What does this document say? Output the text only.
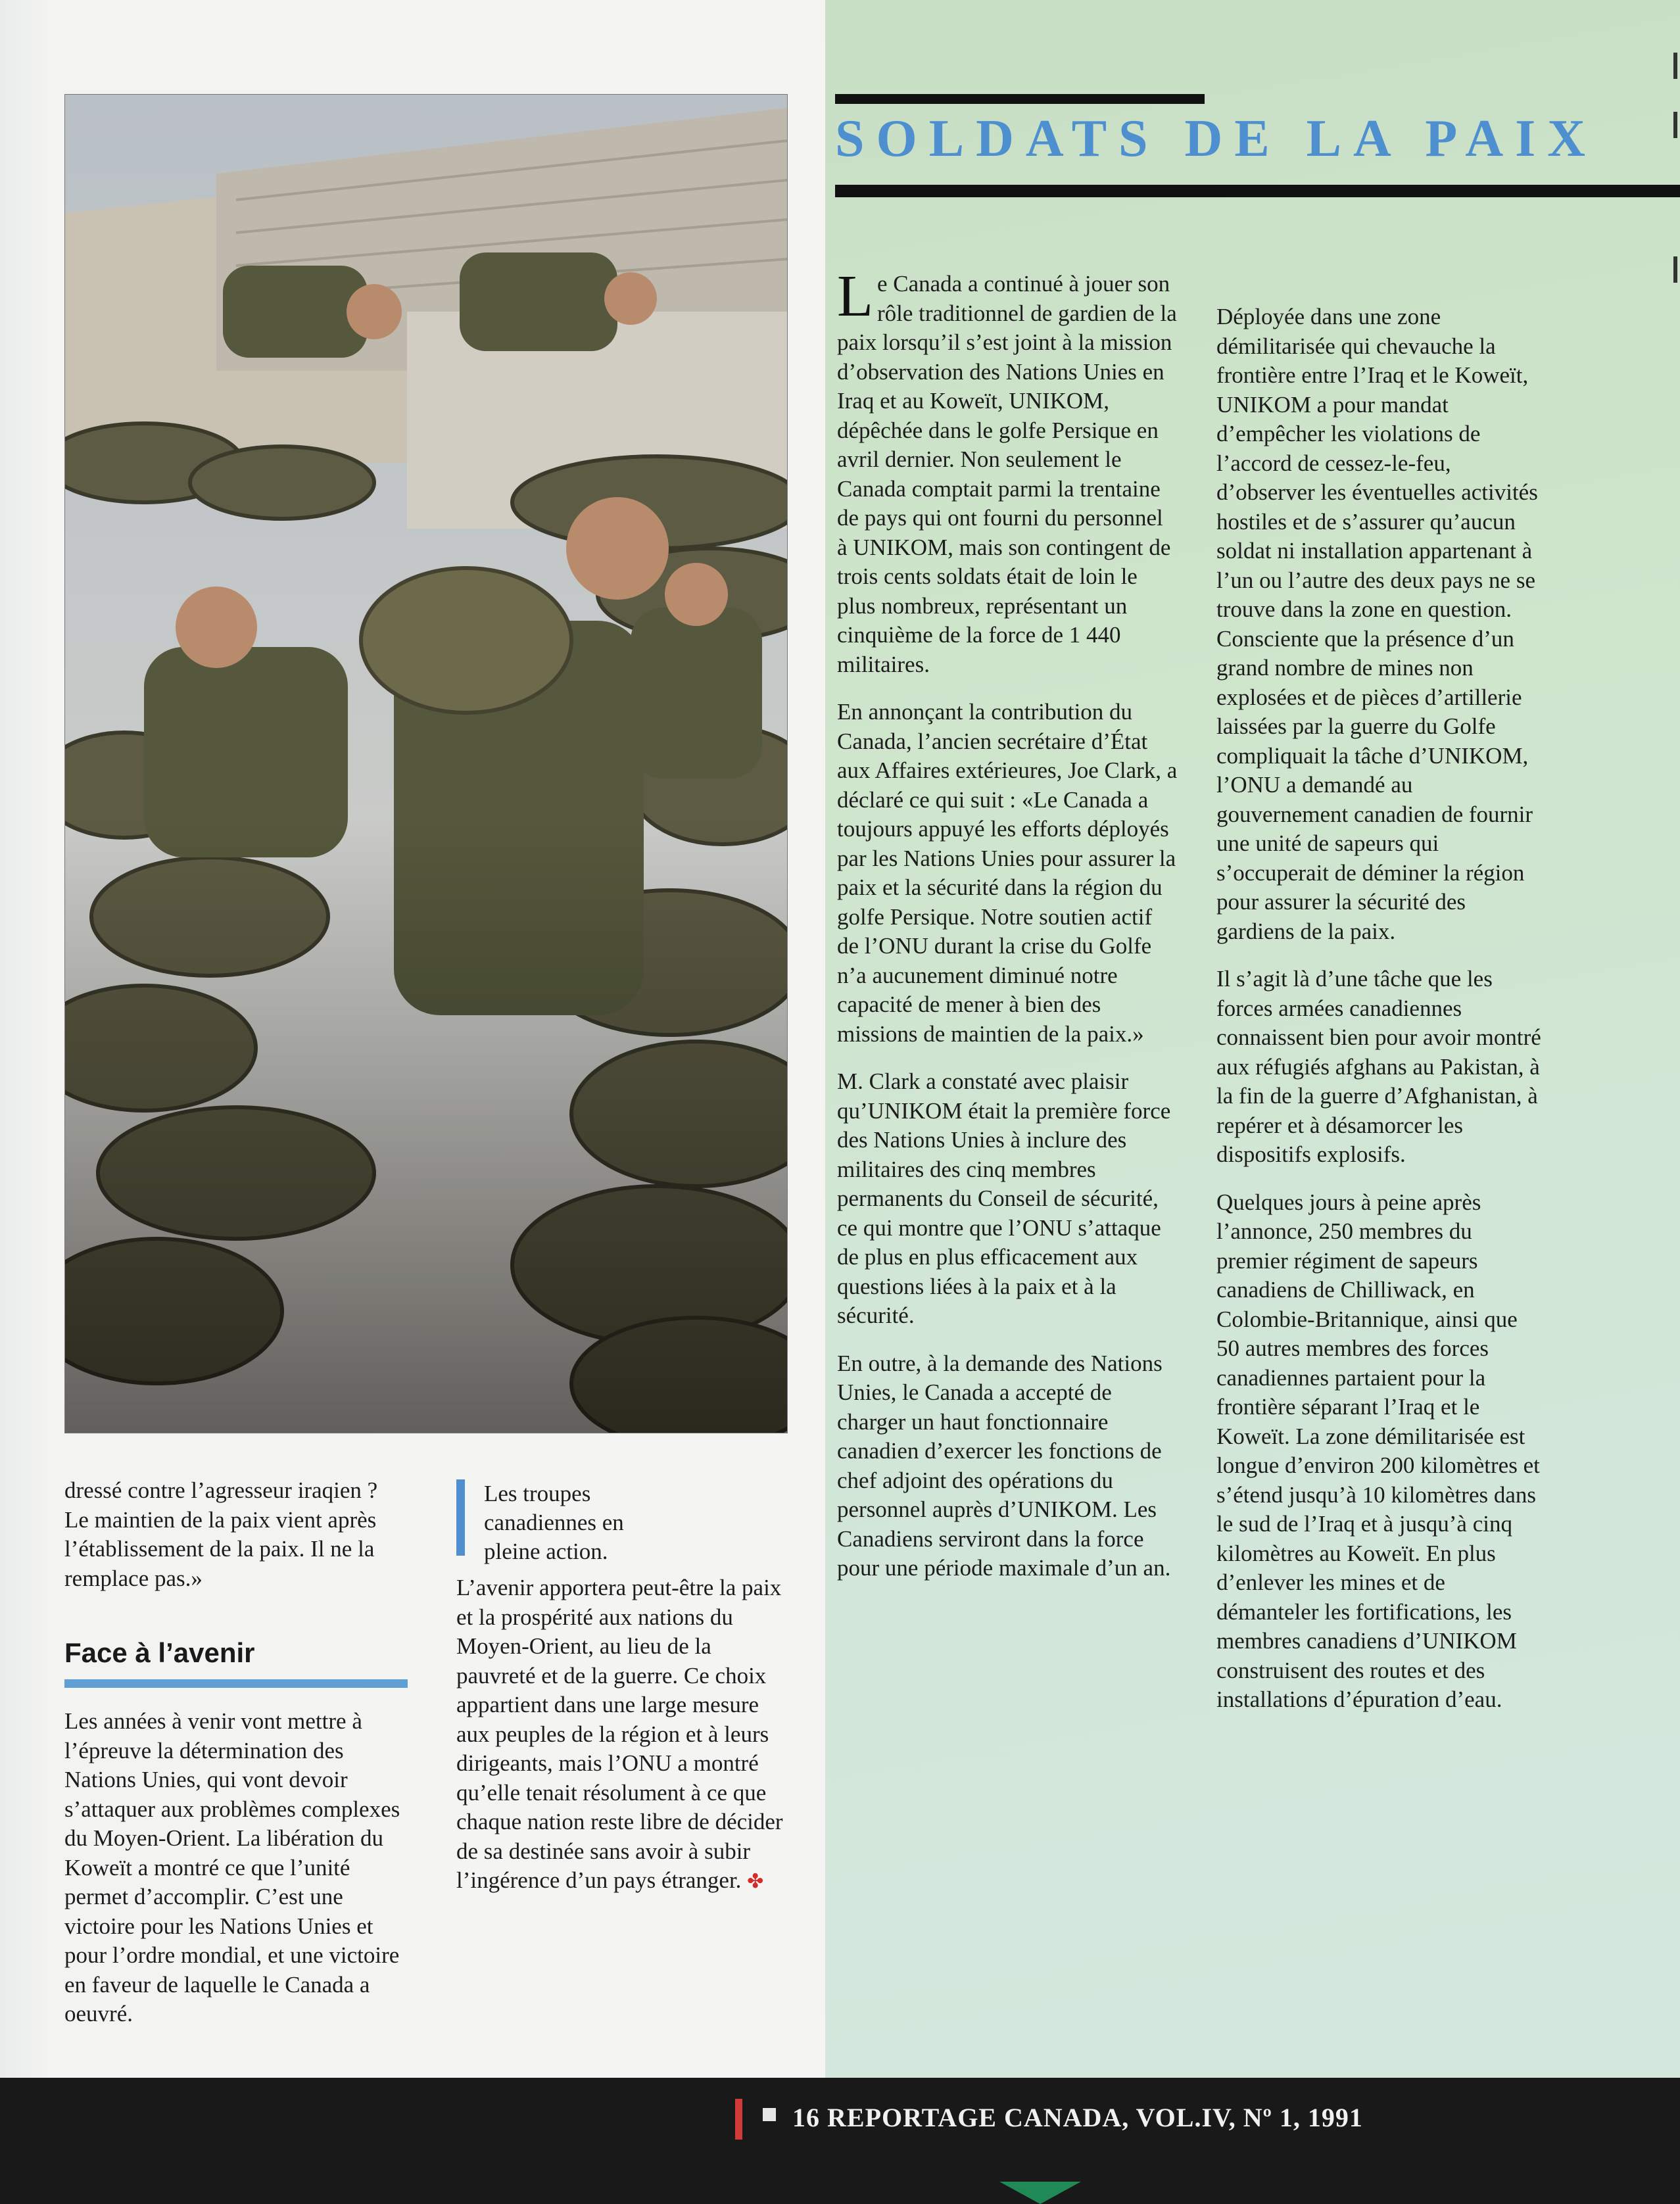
dressé contre l’agresseur iraqien ? Le maintien de la paix vient après l’établissement de la paix. Il ne la remplace pas.»

Face à l’avenir

Les années à venir vont mettre à l’épreuve la détermination des Nations Unies, qui vont devoir s’attaquer aux problèmes complexes du Moyen-Orient. La libération du Koweït a montré ce que l’unité permet d’accomplir. C’est une victoire pour les Nations Unies et pour l’ordre mondial, et une victoire en faveur de laquelle le Canada a oeuvré.

Les troupes
canadiennes en
pleine action.

L’avenir apportera peut-être la paix et la prospérité aux nations du Moyen-Orient, au lieu de la pauvreté et de la guerre. Ce choix appartient dans une large mesure aux peuples de la région et à leurs dirigeants, mais l’ONU a montré qu’elle tenait résolument à ce que chaque nation reste libre de décider de sa destinée sans avoir à subir l’ingérence d’un pays étranger. ✤

SOLDATS DE LA PAIX

Le Canada a continué à jouer son rôle traditionnel de gardien de la paix lorsqu’il s’est joint à la mission d’observation des Nations Unies en Iraq et au Koweït, UNIKOM, dépêchée dans le golfe Persique en avril dernier. Non seulement le Canada comptait parmi la trentaine de pays qui ont fourni du personnel à UNIKOM, mais son contingent de trois cents soldats était de loin le plus nombreux, représentant un cinquième de la force de 1 440 militaires.

En annonçant la contribution du Canada, l’ancien secrétaire d’État aux Affaires extérieures, Joe Clark, a déclaré ce qui suit : «Le Canada a toujours appuyé les efforts déployés par les Nations Unies pour assurer la paix et la sécurité dans la région du golfe Persique. Notre soutien actif de l’ONU durant la crise du Golfe n’a aucunement diminué notre capacité de mener à bien des missions de maintien de la paix.»

M. Clark a constaté avec plaisir qu’UNIKOM était la première force des Nations Unies à inclure des militaires des cinq membres permanents du Conseil de sécurité, ce qui montre que l’ONU s’attaque de plus en plus efficacement aux questions liées à la paix et à la sécurité.

En outre, à la demande des Nations Unies, le Canada a accepté de charger un haut fonctionnaire canadien d’exercer les fonctions de chef adjoint des opérations du personnel auprès d’UNIKOM. Les Canadiens serviront dans la force pour une période maximale d’un an.

Déployée dans une zone démilitarisée qui chevauche la frontière entre l’Iraq et le Koweït, UNIKOM a pour mandat d’empêcher les violations de l’accord de cessez-le-feu, d’observer les éventuelles activités hostiles et de s’assurer qu’aucun soldat ni installation appartenant à l’un ou l’autre des deux pays ne se trouve dans la zone en question. Consciente que la présence d’un grand nombre de mines non explosées et de pièces d’artillerie laissées par la guerre du Golfe compliquait la tâche d’UNIKOM, l’ONU a demandé au gouvernement canadien de fournir une unité de sapeurs qui s’occuperait de déminer la région pour assurer la sécurité des gardiens de la paix.

Il s’agit là d’une tâche que les forces armées canadiennes connaissent bien pour avoir montré aux réfugiés afghans au Pakistan, à la fin de la guerre d’Afghanistan, à repérer et à désamorcer les dispositifs explosifs.

Quelques jours à peine après l’annonce, 250 membres du premier régiment de sapeurs canadiens de Chilliwack, en Colombie-Britannique, ainsi que 50 autres membres des forces canadiennes partaient pour la frontière séparant l’Iraq et le Koweït. La zone démilitarisée est longue d’environ 200 kilomètres et s’étend jusqu’à 10 kilomètres dans le sud de l’Iraq et à jusqu’à cinq kilomètres au Koweït. En plus d’enlever les mines et de démanteler les fortifications, les membres canadiens d’UNIKOM construisent des routes et des installations d’épuration d’eau.

16 REPORTAGE CANADA, VOL.IV, Nº 1, 1991
